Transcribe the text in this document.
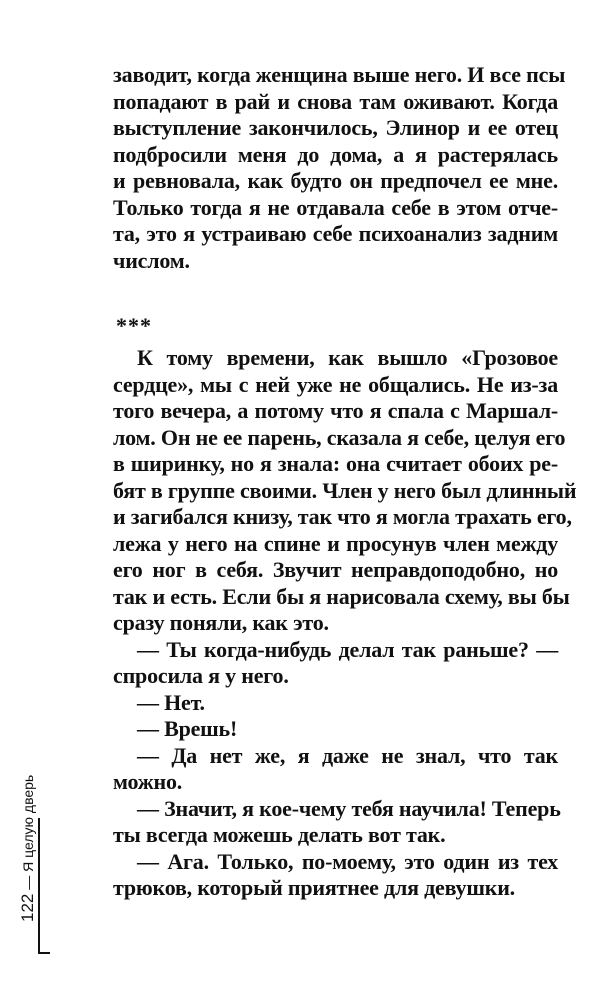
заводит, когда женщина выше него. И все псы
попадают в рай и снова там оживают. Когда
выступление закончилось, Элинор и ее отец
подбросили меня до дома, а я растерялась
и ревновала, как будто он предпочел ее мне.
Только тогда я не отдавала себе в этом отче-
та, это я устраиваю себе психоанализ задним
числом.
***
К тому времени, как вышло «Грозовое
сердце», мы с ней уже не общались. Не из-за
того вечера, а потому что я спала с Маршал-
лом. Он не ее парень, сказала я себе, целуя его
в ширинку, но я знала: она считает обоих ре-
бят в группе своими. Член у него был длинный
и загибался книзу, так что я могла трахать его,
лежа у него на спине и просунув член между
его ног в себя. Звучит неправдоподобно, но
так и есть. Если бы я нарисовала схему, вы бы
сразу поняли, как это.
— Ты когда-нибудь делал так раньше? —
спросила я у него.
— Нет.
— Врешь!
— Да нет же, я даже не знал, что так
можно.
— Значит, я кое-чему тебя научила! Теперь
ты всегда можешь делать вот так.
— Ага. Только, по-моему, это один из тех
трюков, который приятнее для девушки.
122 — Я целую дверь
